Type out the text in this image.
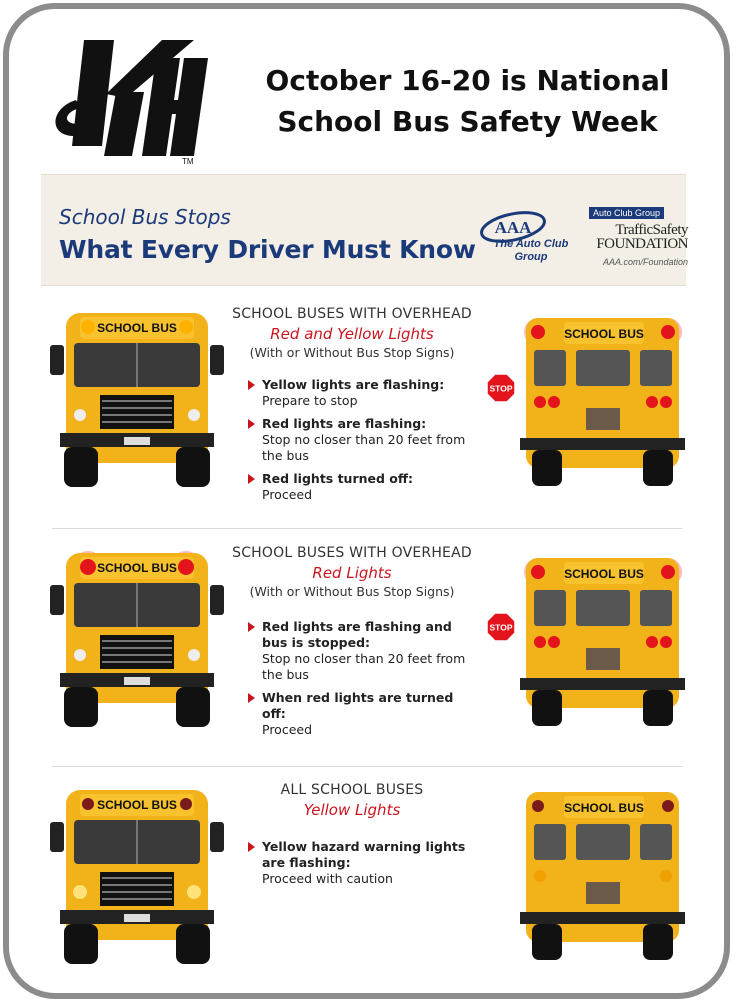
TM
October 16-20 is National
School Bus Safety Week
School Bus Stops
What Every Driver Must Know
AAA
The Auto Club Group
Auto Club Group
TrafficSafety
FOUNDATION
AAA.com/Foundation
SCHOOL BUSES WITH OVERHEAD
Red and Yellow Lights
(With or Without Bus Stop Signs)
Yellow lights are flashing:
Prepare to stop
Red lights are flashing:
Stop no closer than 20 feet from the bus
Red lights turned off:
Proceed
SCHOOL BUSES WITH OVERHEAD
Red Lights
(With or Without Bus Stop Signs)
Red lights are flashing and bus is stopped:
Stop no closer than 20 feet from the bus
When red lights are turned off:
Proceed
ALL SCHOOL BUSES
Yellow Lights
Yellow hazard warning lights are flashing:
Proceed with caution
SCHOOL BUS
SCHOOL BUS
SCHOOL BUS
SCHOOL BUS
STOP
SCHOOL BUS
STOP
SCHOOL BUS
